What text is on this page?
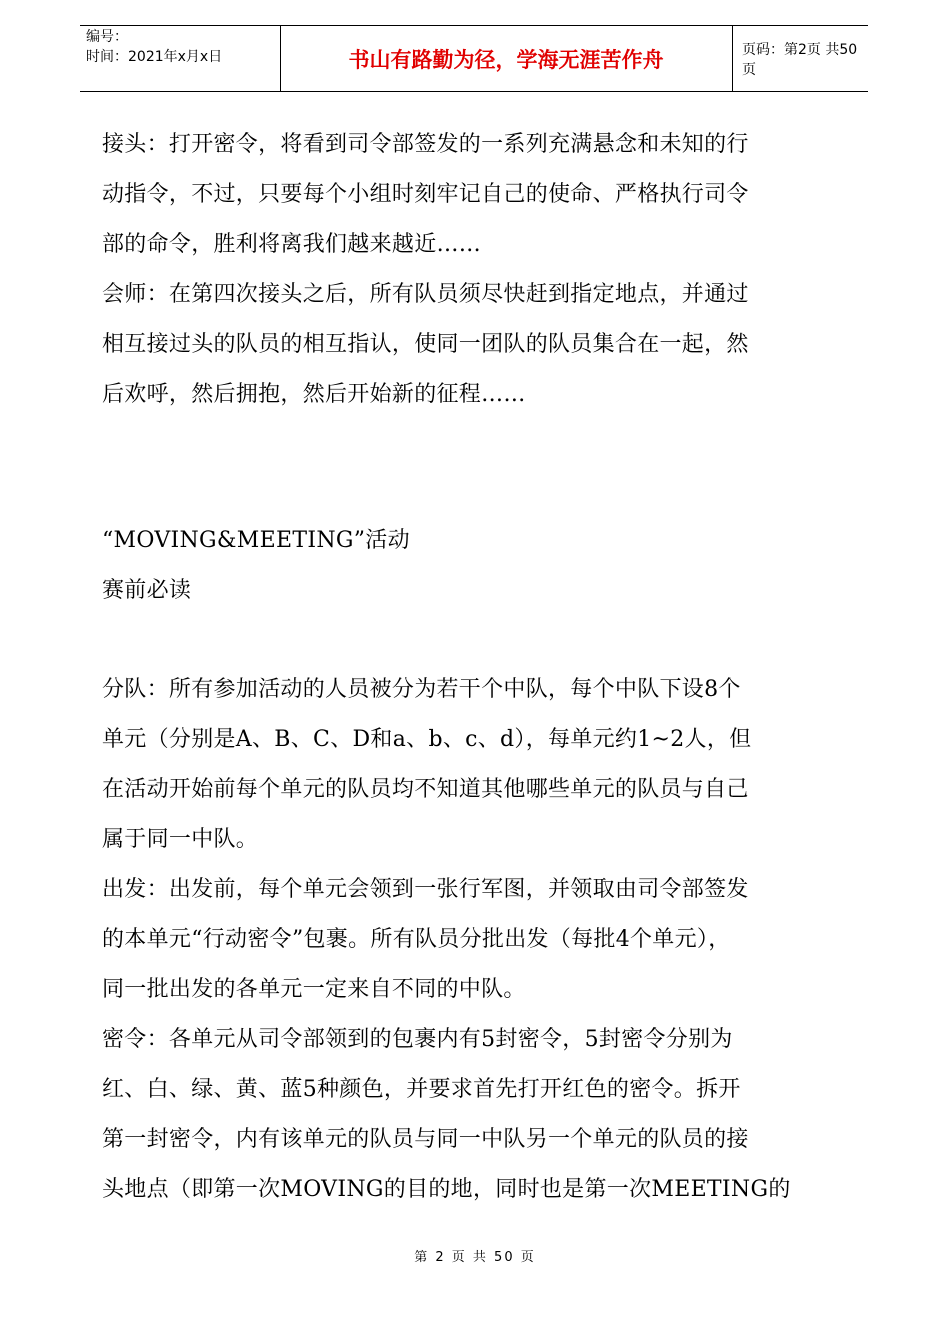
编号：
时间：2021年x月x日	书山有路勤为径，学海无涯苦作舟	页码：第2页 共50页
接头：打开密令，将看到司令部签发的一系列充满悬念和未知的行
动指令，不过，只要每个小组时刻牢记自己的使命、严格执行司令
部的命令，胜利将离我们越来越近……
会师：在第四次接头之后，所有队员须尽快赶到指定地点，并通过
相互接过头的队员的相互指认，使同一团队的队员集合在一起，然
后欢呼，然后拥抱，然后开始新的征程……
“MOVING&MEETING”活动
赛前必读
分队：所有参加活动的人员被分为若干个中队，每个中队下设8个
单元（分别是A、B、C、D和a、b、c、d），每单元约1~2人，但
在活动开始前每个单元的队员均不知道其他哪些单元的队员与自己
属于同一中队。
出发：出发前，每个单元会领到一张行军图，并领取由司令部签发
的本单元“行动密令”包裹。所有队员分批出发（每批4个单元），
同一批出发的各单元一定来自不同的中队。
密令：各单元从司令部领到的包裹内有5封密令，5封密令分别为
红、白、绿、黄、蓝5种颜色，并要求首先打开红色的密令。拆开
第一封密令，内有该单元的队员与同一中队另一个单元的队员的接
头地点（即第一次MOVING的目的地，同时也是第一次MEETING的
第 2 页 共 50 页
